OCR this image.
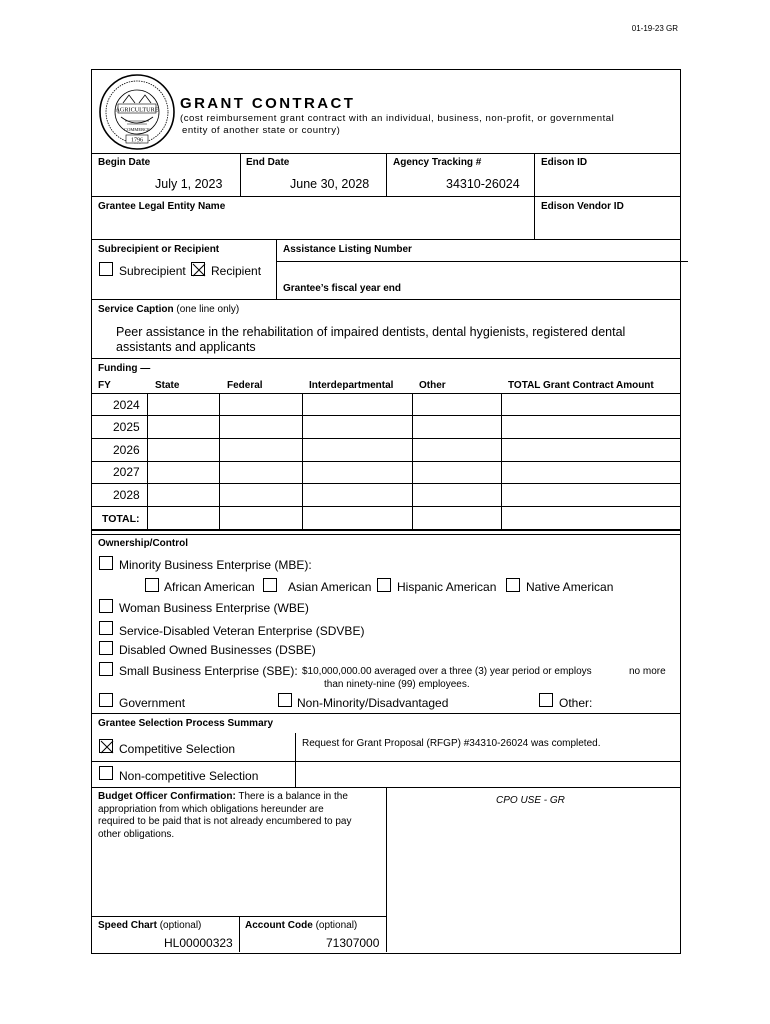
01-19-23 GR
AGRICULTURE
COMMERCE
1796
GRANT CONTRACT
(cost reimbursement grant contract with an individual, business, non-profit, or governmental
entity of another state or country)
Begin Date
July 1, 2023
End Date
June 30, 2028
Agency Tracking #
34310-26024
Edison ID
Grantee Legal Entity Name	Edison Vendor ID
Subrecipient or Recipient
Subrecipient Recipient
Assistance Listing Number
Grantee’s fiscal year end
Service Caption (one line only)
Peer assistance in the rehabilitation of impaired dentists, dental hygienists, registered dental
assistants and applicants
Funding —
FY	State	Federal	Interdepartmental	Other	TOTAL Grant Contract Amount
2024
2025
2026
2027
2028
TOTAL:
Ownership/Control
Minority Business Enterprise (MBE):
African American	Asian American Hispanic American Native American
Woman Business Enterprise (WBE)
Service-Disabled Veteran Enterprise (SDVBE)
Disabled Owned Businesses (DSBE)
Small Business Enterprise (SBE): $10,000,000.00 averaged over a three (3) year period or employs	no more
than ninety-nine (99) employees.
Government	Non-Minority/Disadvantaged	Other:
Grantee Selection Process Summary
Competitive Selection	Request for Grant Proposal (RFGP) #34310-26024 was completed.
Non-competitive Selection
Budget Officer Confirmation: There is a balance in the
appropriation from which obligations hereunder are
required to be paid that is not already encumbered to pay
other obligations.
CPO USE - GR
Speed Chart (optional)
HL00000323
Account Code (optional)
71307000
